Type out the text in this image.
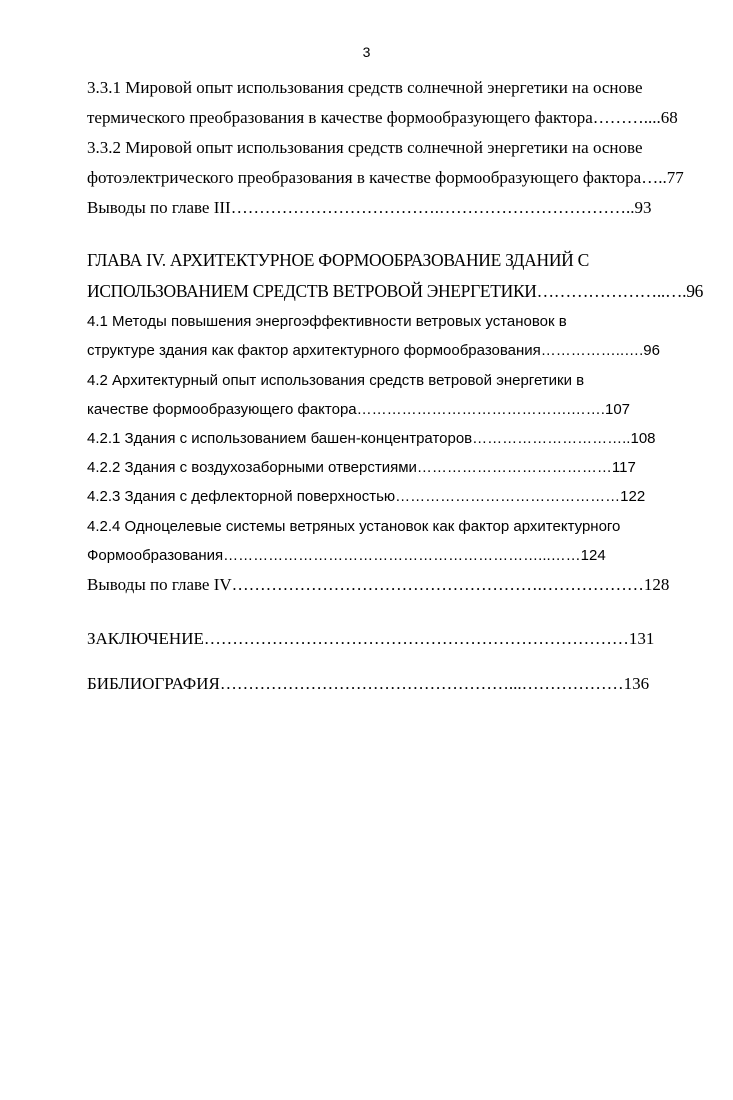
3
3.3.1 Мировой опыт использования средств солнечной энергетики на основе
термического преобразования в качестве формообразующего фактора………....68
3.3.2 Мировой опыт использования средств солнечной энергетики на основе
фотоэлектрического преобразования в качестве формообразующего фактора…..77
Выводы по главе III……………………………….……………………………..93
ГЛАВА IV. АРХИТЕКТУРНОЕ ФОРМООБРАЗОВАНИЕ ЗДАНИЙ С
ИСПОЛЬЗОВАНИЕМ СРЕДСТВ ВЕТРОВОЙ ЭНЕРГЕТИКИ…………………..….96
4.1 Методы повышения энергоэффективности ветровых установок в
структуре здания как фактор архитектурного формообразования……………..….96
4.2 Архитектурный опыт использования средств ветровой энергетики в
качестве формообразующего фактора…………………………………….…….107
4.2.1 Здания с использованием башен-концентраторов…………………………..108
4.2.2 Здания с воздухозаборными отверстиями…………………………………117
4.2.3 Здания с дефлекторной поверхностью………………………………………122
4.2.4 Одноцелевые системы ветряных установок как фактор архитектурного
Формообразования………………………………………………………...……124
Выводы по главе IV……………………………………………….………………128
ЗАКЛЮЧЕНИЕ…………………………………………………………………131
БИБЛИОГРАФИЯ……………………………………………...………………136
